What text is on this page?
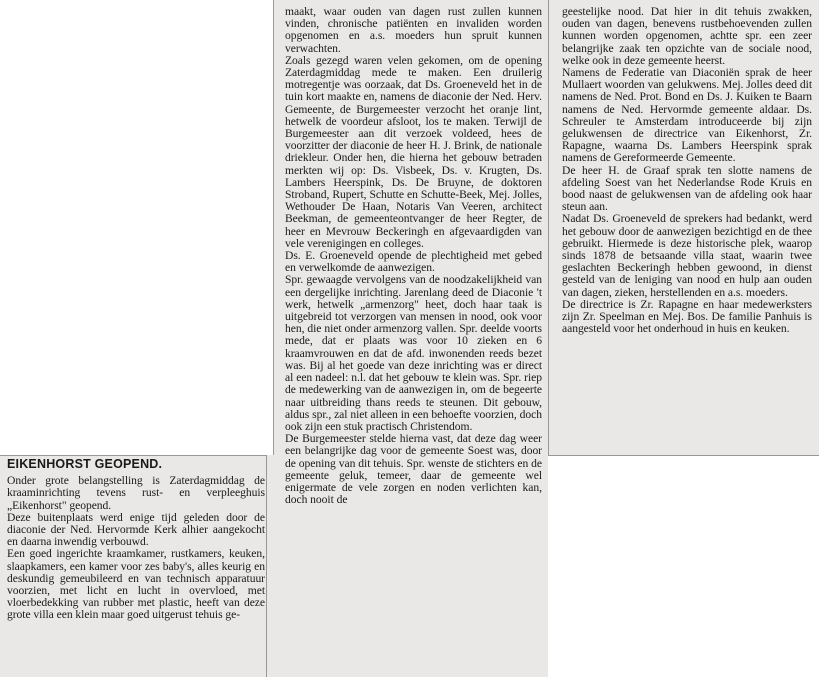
EIKENHORST GEOPEND.

Onder grote belangstelling is Zaterdagmiddag de kraaminrichting tevens rust- en verpleeghuis „Eikenhorst" geopend.

Deze buitenplaats werd enige tijd geleden door de diaconie der Ned. Hervormde Kerk alhier aangekocht en daarna inwendig verbouwd.

Een goed ingerichte kraamkamer, rustkamers, keuken, slaapkamers, een kamer voor zes baby's, alles keurig en deskundig gemeubileerd en van technisch apparatuur voorzien, met licht en lucht in overvloed, met vloerbedekking van rubber met plastic, heeft van deze grote villa een klein maar goed uitgerust tehuis ge-

maakt, waar ouden van dagen rust zullen kunnen vinden, chronische patiënten en invaliden worden opgenomen en a.s. moeders hun spruit kunnen verwachten.

Zoals gezegd waren velen gekomen, om de opening Zaterdagmiddag mede te maken. Een druilerig motregentje was oorzaak, dat Ds. Groeneveld het in de tuin kort maakte en, namens de diaconie der Ned. Herv. Gemeente, de Burgemeester verzocht het oranje lint, hetwelk de voordeur afsloot, los te maken. Terwijl de Burgemeester aan dit verzoek voldeed, hees de voorzitter der diaconie de heer H. J. Brink, de nationale driekleur. Onder hen, die hierna het gebouw betraden merkten wij op: Ds. Visbeek, Ds. v. Krugten, Ds. Lambers Heerspink, Ds. De Bruyne, de doktoren Stroband, Rupert, Schutte en Schutte-Beek, Mej. Jolles, Wethouder De Haan, Notaris Van Veeren, architect Beekman, de gemeenteontvanger de heer Regter, de heer en Mevrouw Beckeringh en afgevaardigden van vele verenigingen en colleges.

Ds. E. Groeneveld opende de plechtigheid met gebed en verwelkomde de aanwezigen.

Spr. gewaagde vervolgens van de noodzakelijkheid van een dergelijke inrichting. Jarenlang deed de Diaconie 't werk, hetwelk „armenzorg" heet, doch haar taak is uitgebreid tot verzorgen van mensen in nood, ook voor hen, die niet onder armenzorg vallen. Spr. deelde voorts mede, dat er plaats was voor 10 zieken en 6 kraamvrouwen en dat de afd. inwonenden reeds bezet was. Bij al het goede van deze inrichting was er direct al een nadeel: n.l. dat het gebouw te klein was. Spr. riep de medewerking van de aanwezigen in, om de begeerte naar uitbreiding thans reeds te steunen. Dit gebouw, aldus spr., zal niet alleen in een behoefte voorzien, doch ook zijn een stuk practisch Christendom.

De Burgemeester stelde hierna vast, dat deze dag weer een belangrijke dag voor de gemeente Soest was, door de opening van dit tehuis. Spr. wenste de stichters en de gemeente geluk, temeer, daar de gemeente wel enigermate de vele zorgen en noden verlichten kan, doch nooit de

geestelijke nood. Dat hier in dit tehuis zwakken, ouden van dagen, benevens rustbehoevenden zullen kunnen worden opgenomen, achtte spr. een zeer belangrijke zaak ten opzichte van de sociale nood, welke ook in deze gemeente heerst.

Namens de Federatie van Diaconiën sprak de heer Mullaert woorden van gelukwens. Mej. Jolles deed dit namens de Ned. Prot. Bond en Ds. J. Kuiken te Baarn namens de Ned. Hervormde gemeente aldaar. Ds. Schreuler te Amsterdam introduceerde bij zijn gelukwensen de directrice van Eikenhorst, Zr. Rapagne, waarna Ds. Lambers Heerspink sprak namens de Gereformeerde Gemeente.

De heer H. de Graaf sprak ten slotte namens de afdeling Soest van het Nederlandse Rode Kruis en bood naast de gelukwensen van de afdeling ook haar steun aan.

Nadat Ds. Groeneveld de sprekers had bedankt, werd het gebouw door de aanwezigen bezichtigd en de thee gebruikt. Hiermede is deze historische plek, waarop sinds 1878 de betsaande villa staat, waarin twee geslachten Beckeringh hebben gewoond, in dienst gesteld van de leniging van nood en hulp aan ouden van dagen, zieken, herstellenden en a.s. moeders.

De directrice is Zr. Rapagne en haar medewerksters zijn Zr. Speelman en Mej. Bos. De familie Panhuis is aangesteld voor het onderhoud in huis en keuken.
